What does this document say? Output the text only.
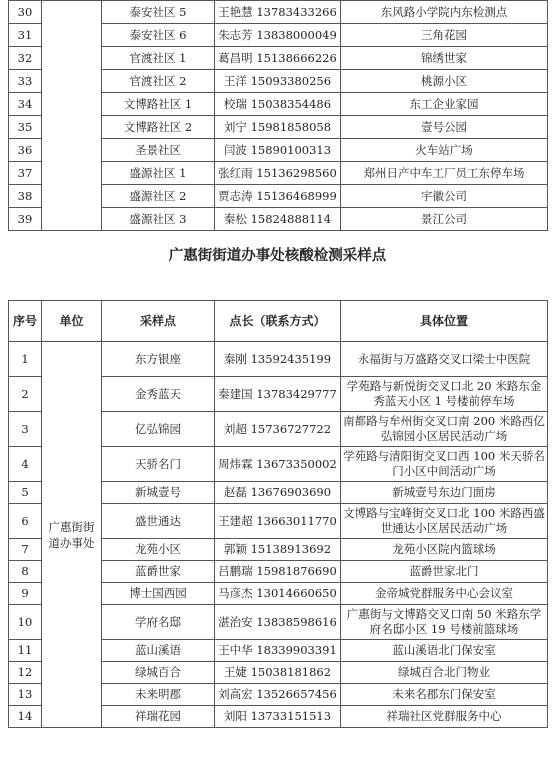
30		泰安社区 5	王艳慧 13783433266	东风路小学院内东检测点
31		泰安社区 6	朱志芳 13838000049	三角花园
32		官渡社区 1	葛昌明 15138666226	锦绣世家
33		官渡社区 2	王洋 15093380256	桃源小区
34		文博路社区 1	校瑞 15038354486	东工企业家园
35		文博路社区 2	刘宁 15981858058	壹号公园
36		圣景社区	闫波 15890100313	火车站广场
37		盛源社区 1	张红雨 15136298560	郑州日产中车工厂员工东停车场
38		盛源社区 2	贾志涛 15136468999	宇徽公司
39		盛源社区 3	秦松 15824888114	景江公司
广惠街街道办事处核酸检测采样点
序号	单位	采样点	点长（联系方式）	具体位置
1	广惠街街道办事处	东方银座	秦刚 13592435199	永福街与万盛路交叉口梁士中医院
2		金秀蓝天	秦建国 13783429777	学苑路与新悦街交叉口北 20 米路东金秀蓝天小区 1 号楼前停车场
3		亿弘锦园	刘超 15736727722	南都路与牟州街交叉口南 200 米路西亿弘锦园小区居民活动广场
4		天骄名门	周炜霖 13673350002	学苑路与清阳街交叉口西 100 米天骄名门小区中间活动广场
5		新城壹号	赵磊 13676903690	新城壹号东边门面房
6		盛世通达	王建超 13663011770	文博路与宝峰街交叉口北 100 米路西盛世通达小区居民活动广场
7		龙苑小区	郭颖 15138913692	龙苑小区院内篮球场
8		蓝爵世家	吕鹏瑞 15981876690	蓝爵世家北门
9		博士国西园	马彦杰 13014660650	金帝城党群服务中心会议室
10		学府名邸	湛治安 13838598616	广惠街与文博路交叉口南 50 米路东学府名邸小区 19 号楼前篮球场
11		蓝山溪语	王中华 18339903391	蓝山溪语北门保安室
12		绿城百合	王婕 15038181862	绿城百合北门物业
13		未来明郡	刘高宏 13526657456	未来名郡东门保安室
14		祥瑞花园	刘阳 13733151513	祥瑞社区党群服务中心
